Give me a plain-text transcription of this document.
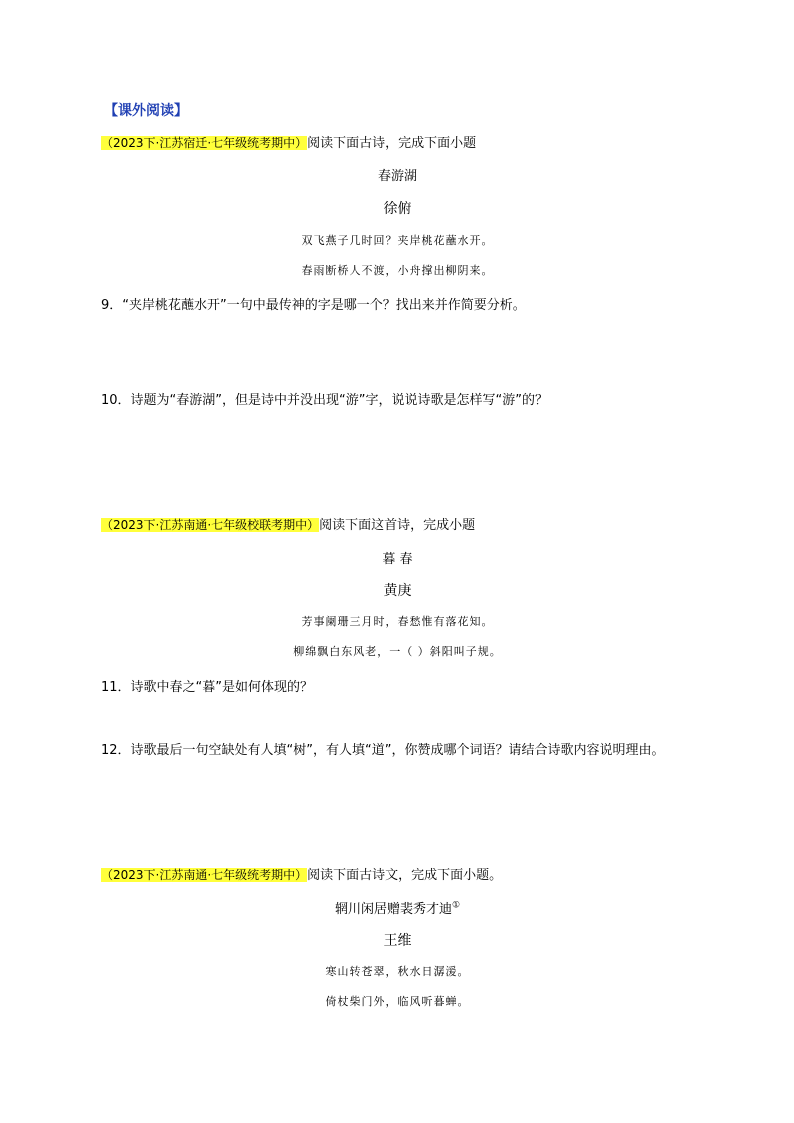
【课外阅读】
（2023下·江苏宿迁·七年级统考期中）阅读下面古诗，完成下面小题
春游湖
徐俯
双飞燕子几时回？夹岸桃花蘸水开。
春雨断桥人不渡，小舟撑出柳阴来。
9．“夹岸桃花蘸水开”一句中最传神的字是哪一个？找出来并作简要分析。
10．诗题为“春游湖”，但是诗中并没出现“游”字，说说诗歌是怎样写“游”的？
（2023下·江苏南通·七年级校联考期中）阅读下面这首诗，完成小题
暮 春
黄庚
芳事阑珊三月时，春愁惟有落花知。
柳绵飘白东风老，一（ ）斜阳叫子规。
11．诗歌中春之“暮”是如何体现的？
12．诗歌最后一句空缺处有人填“树”，有人填“道”，你赞成哪个词语？请结合诗歌内容说明理由。
（2023下·江苏南通·七年级统考期中）阅读下面古诗文，完成下面小题。
辋川闲居赠裴秀才迪①
王维
寒山转苍翠，秋水日潺湲。
倚杖柴门外，临风听暮蝉。
